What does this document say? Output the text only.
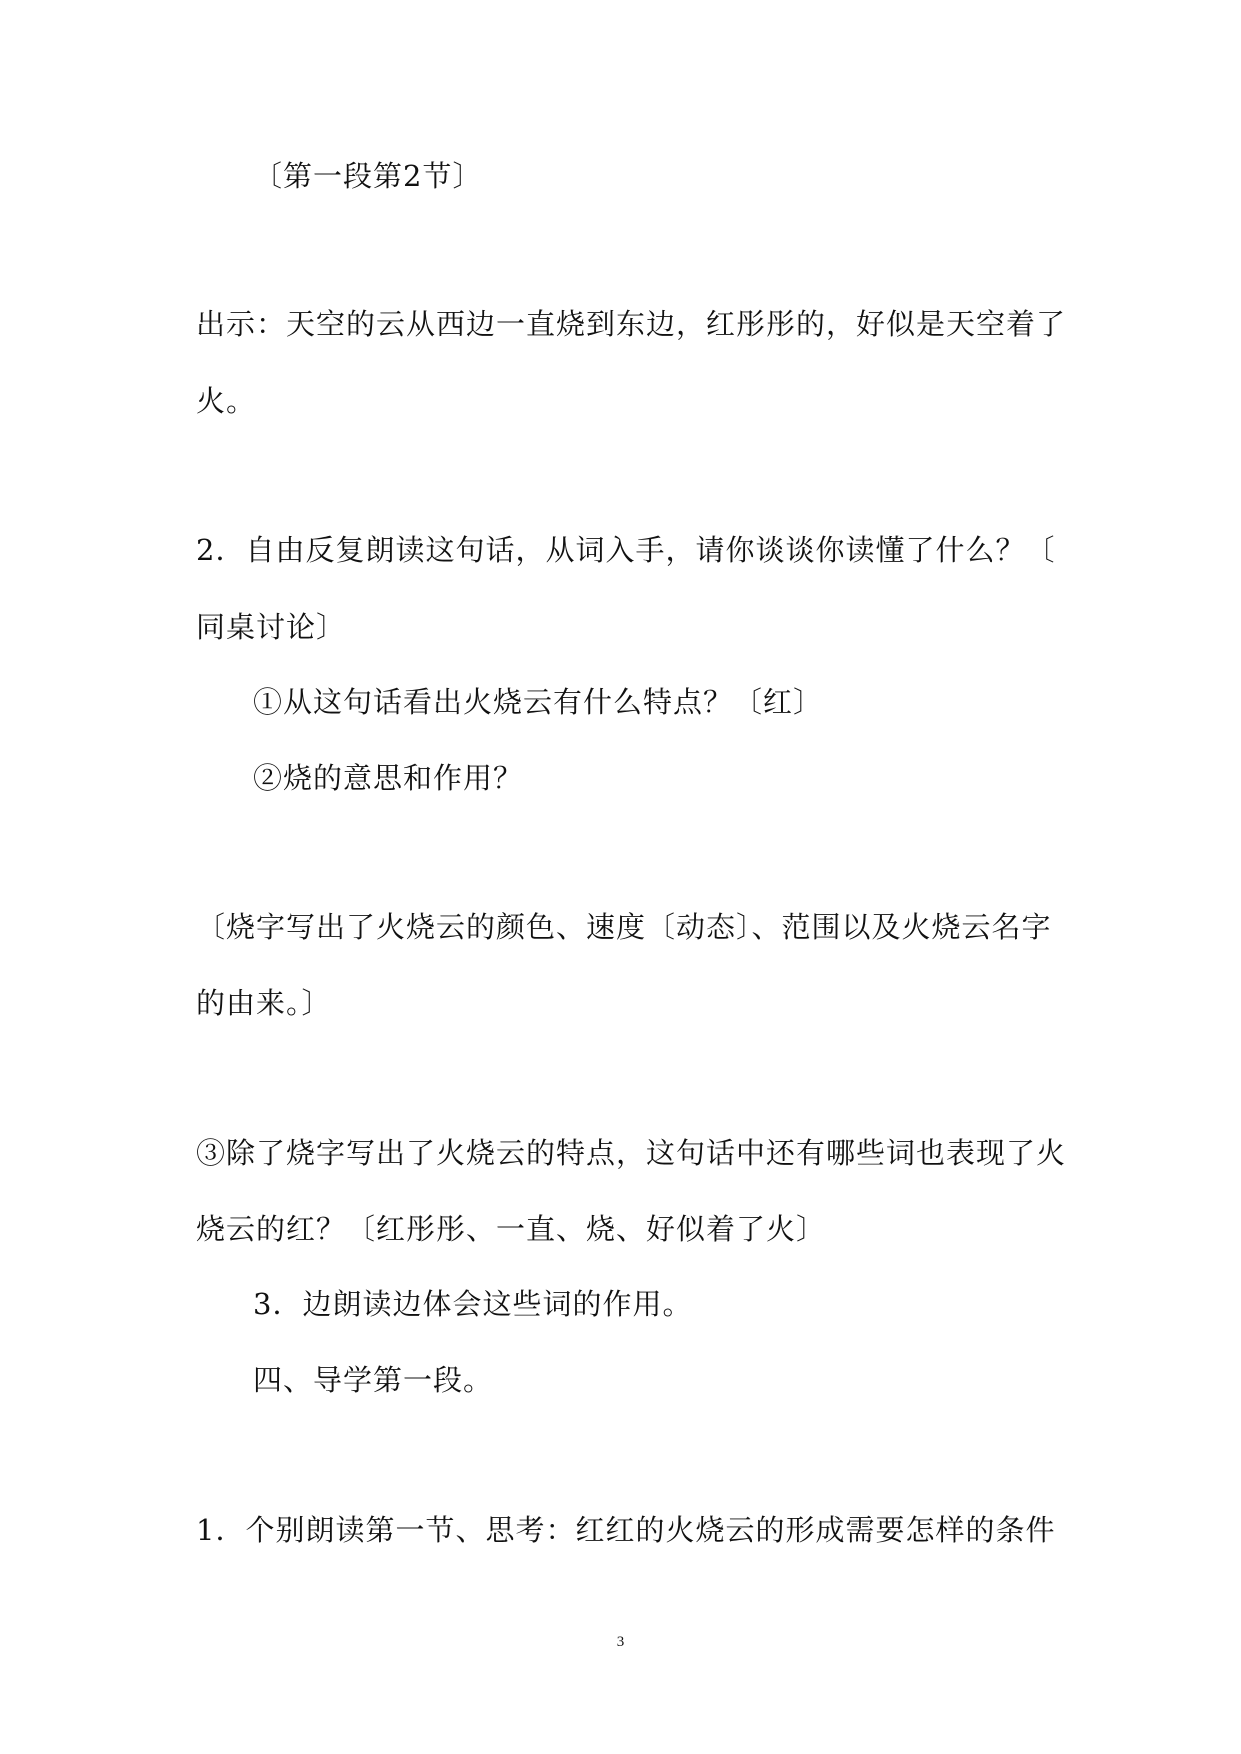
〔第一段第2节〕
出示：天空的云从西边一直烧到东边，红彤彤的，好似是天空着了
火。
2．自由反复朗读这句话，从词入手，请你谈谈你读懂了什么？〔
同桌讨论〕
①从这句话看出火烧云有什么特点？〔红〕
②烧的意思和作用？
〔烧字写出了火烧云的颜色、速度〔动态〕、范围以及火烧云名字
的由来。〕
③除了烧字写出了火烧云的特点，这句话中还有哪些词也表现了火
烧云的红？〔红彤彤、一直、烧、好似着了火〕
3．边朗读边体会这些词的作用。
四、导学第一段。
1．个别朗读第一节、思考：红红的火烧云的形成需要怎样的条件
3
